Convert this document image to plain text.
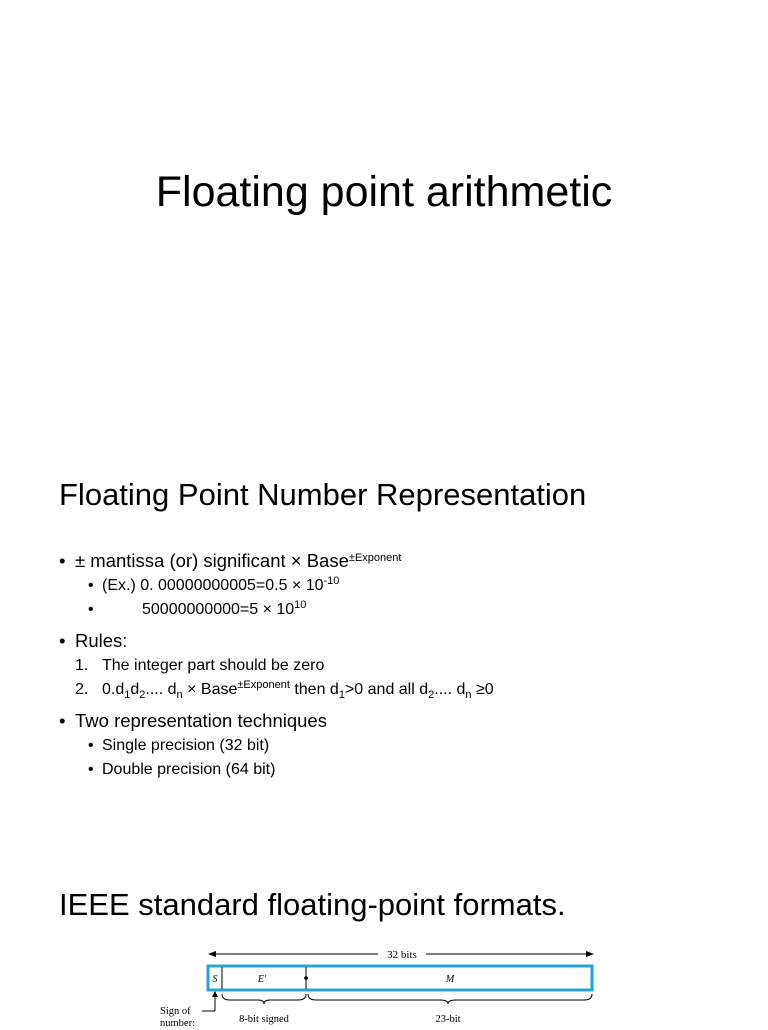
Floating point arithmetic
Floating Point Number Representation
• ± mantissa (or) significant × Base$^{\pm Exponent}$
• (Ex.) 0. $00000000005=0.5 \times 10^{-10}$
• $50000000000=5 \times 10^{10}$
• Rules:
1. The integer part should be zero
2. $0.d_1d_2$.... $d_n$ × Base$^{\pm Exponent}$ then $d_1>0$ and all $d_2$.... $d_n \ge 0$
• Two representation techniques
• Single precision (32 bit)
• Double precision (64 bit)
IEEE standard floating-point formats.
32 bits
S	E′	M
Sign of
number:	8-bit signed	23-bit
